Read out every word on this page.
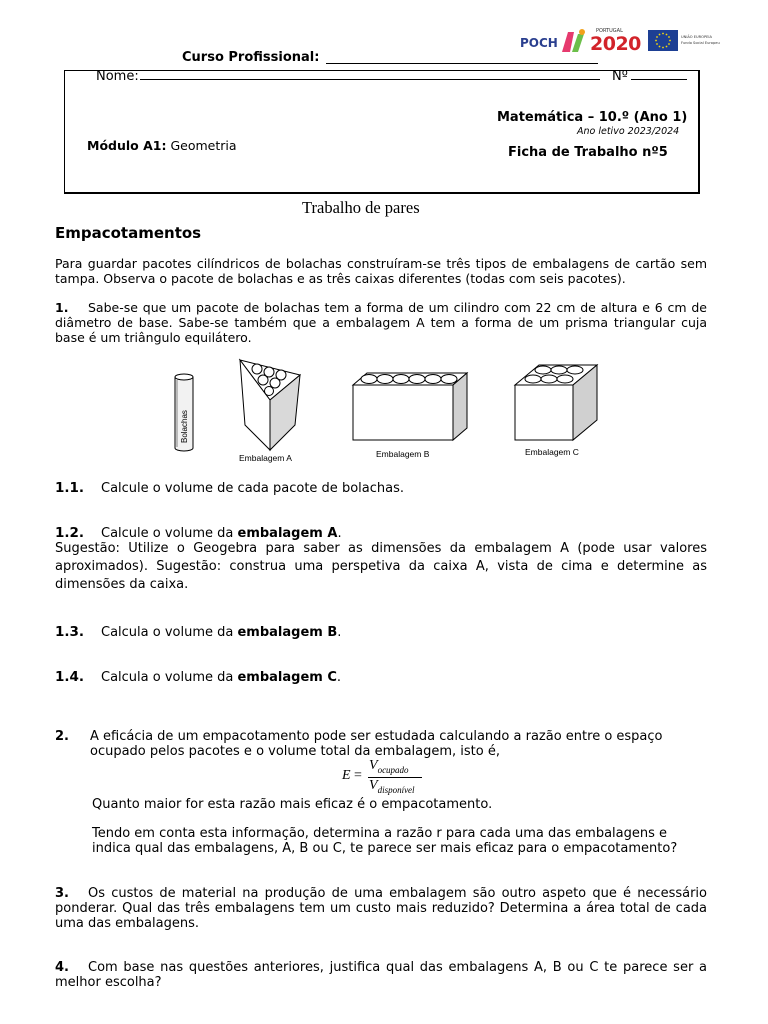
Curso Profissional:
POCH
PORTUGAL
2020	UNIÃO EUROPEIA
Fundo Social Europeu
Nome:	Nº
Matemática – 10.º (Ano 1)
Ano letivo 2023/2024
Módulo A1: Geometria	Ficha de Trabalho nº5
Trabalho de pares
Empacotamentos
Para guardar pacotes cilíndricos de bolachas construíram-se três tipos de embalagens de cartão sem tampa. Observa o pacote de bolachas e as três caixas diferentes (todas com seis pacotes).
1. Sabe-se que um pacote de bolachas tem a forma de um cilindro com 22 cm de altura e 6 cm de diâmetro de base. Sabe-se também que a embalagem A tem a forma de um prisma triangular cuja base é um triângulo equilátero.
Bolachas
Embalagem A	Embalagem B	Embalagem C
1.1. Calcule o volume de cada pacote de bolachas.
1.2. Calcule o volume da embalagem A.
Sugestão: Utilize o Geogebra para saber as dimensões da embalagem A (pode usar valores aproximados). Sugestão: construa uma perspetiva da caixa A, vista de cima e determine as dimensões da caixa.
1.3. Calcula o volume da embalagem B.
1.4. Calcula o volume da embalagem C.
2. A eficácia de um empacotamento pode ser estudada calculando a razão entre o espaço ocupado pelos pacotes e o volume total da embalagem, isto é,
E =
$V_{ocupado}$
$V_{disponível}$
Quanto maior for esta razão mais eficaz é o empacotamento.
Tendo em conta esta informação, determina a razão r para cada uma das embalagens e indica qual das embalagens, A, B ou C, te parece ser mais eficaz para o empacotamento?
3. Os custos de material na produção de uma embalagem são outro aspeto que é necessário ponderar. Qual das três embalagens tem um custo mais reduzido? Determina a área total de cada uma das embalagens.
4. Com base nas questões anteriores, justifica qual das embalagens A, B ou C te parece ser a melhor escolha?
